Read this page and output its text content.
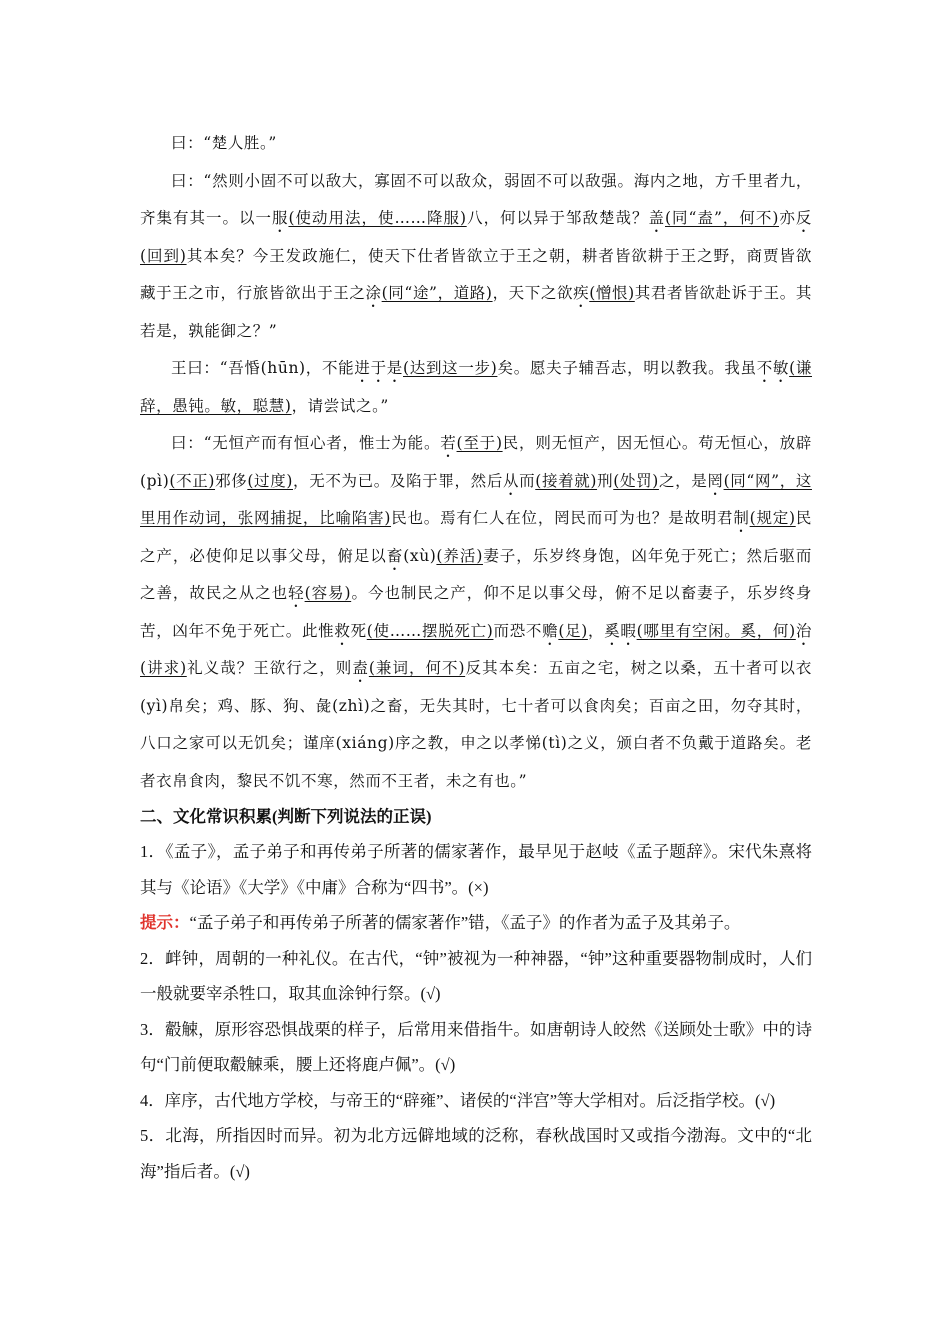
曰：“楚人胜。”

曰：“然则小固不可以敌大，寡固不可以敌众，弱固不可以敌强。海内之地，方千里者九，齐集有其一。以一服(使动用法，使……降服)八，何以异于邹敌楚哉？盖(同“盍”，何不)亦反(回到)其本矣？今王发政施仁，使天下仕者皆欲立于王之朝，耕者皆欲耕于王之野，商贾皆欲藏于王之市，行旅皆欲出于王之涂(同“途”，道路)，天下之欲疾(憎恨)其君者皆欲赴诉于王。其若是，孰能御之？”

王曰：“吾惛(hūn)，不能进于是(达到这一步)矣。愿夫子辅吾志，明以教我。我虽不敏(谦辞，愚钝。敏，聪慧)，请尝试之。”

曰：“无恒产而有恒心者，惟士为能。若(至于)民，则无恒产，因无恒心。苟无恒心，放辟(pì)(不正)邪侈(过度)，无不为已。及陷于罪，然后从而(接着就)刑(处罚)之，是罔(同“网”，这里用作动词，张网捕捉，比喻陷害)民也。焉有仁人在位，罔民而可为也？是故明君制(规定)民之产，必使仰足以事父母，俯足以畜(xù)(养活)妻子，乐岁终身饱，凶年免于死亡；然后驱而之善，故民之从之也轻(容易)。今也制民之产，仰不足以事父母，俯不足以畜妻子，乐岁终身苦，凶年不免于死亡。此惟救死(使……摆脱死亡)而恐不赡(足)，奚暇(哪里有空闲。奚，何)治(讲求)礼义哉？王欲行之，则盍(兼词，何不)反其本矣：五亩之宅，树之以桑，五十者可以衣(yì)帛矣；鸡、豚、狗、彘(zhì)之畜，无失其时，七十者可以食肉矣；百亩之田，勿夺其时，八口之家可以无饥矣；谨庠(xiáng)序之教，申之以孝悌(tì)之义，颁白者不负戴于道路矣。老者衣帛食肉，黎民不饥不寒，然而不王者，未之有也。”

二、文化常识积累(判断下列说法的正误)

1．《孟子》，孟子弟子和再传弟子所著的儒家著作，最早见于赵岐《孟子题辞》。宋代朱熹将其与《论语》《大学》《中庸》合称为“四书”。(×)

提示：“孟子弟子和再传弟子所著的儒家著作”错，《孟子》的作者为孟子及其弟子。

2．衅钟，周朝的一种礼仪。在古代，“钟”被视为一种神器，“钟”这种重要器物制成时，人们一般就要宰杀牲口，取其血涂钟行祭。(√)

3．觳觫，原形容恐惧战栗的样子，后常用来借指牛。如唐朝诗人皎然《送顾处士歌》中的诗句“门前便取觳觫乘，腰上还将鹿卢佩”。(√)

4．庠序，古代地方学校，与帝王的“辟雍”、诸侯的“泮宫”等大学相对。后泛指学校。(√)

5．北海，所指因时而异。初为北方远僻地域的泛称，春秋战国时又或指今渤海。文中的“北海”指后者。(√)
